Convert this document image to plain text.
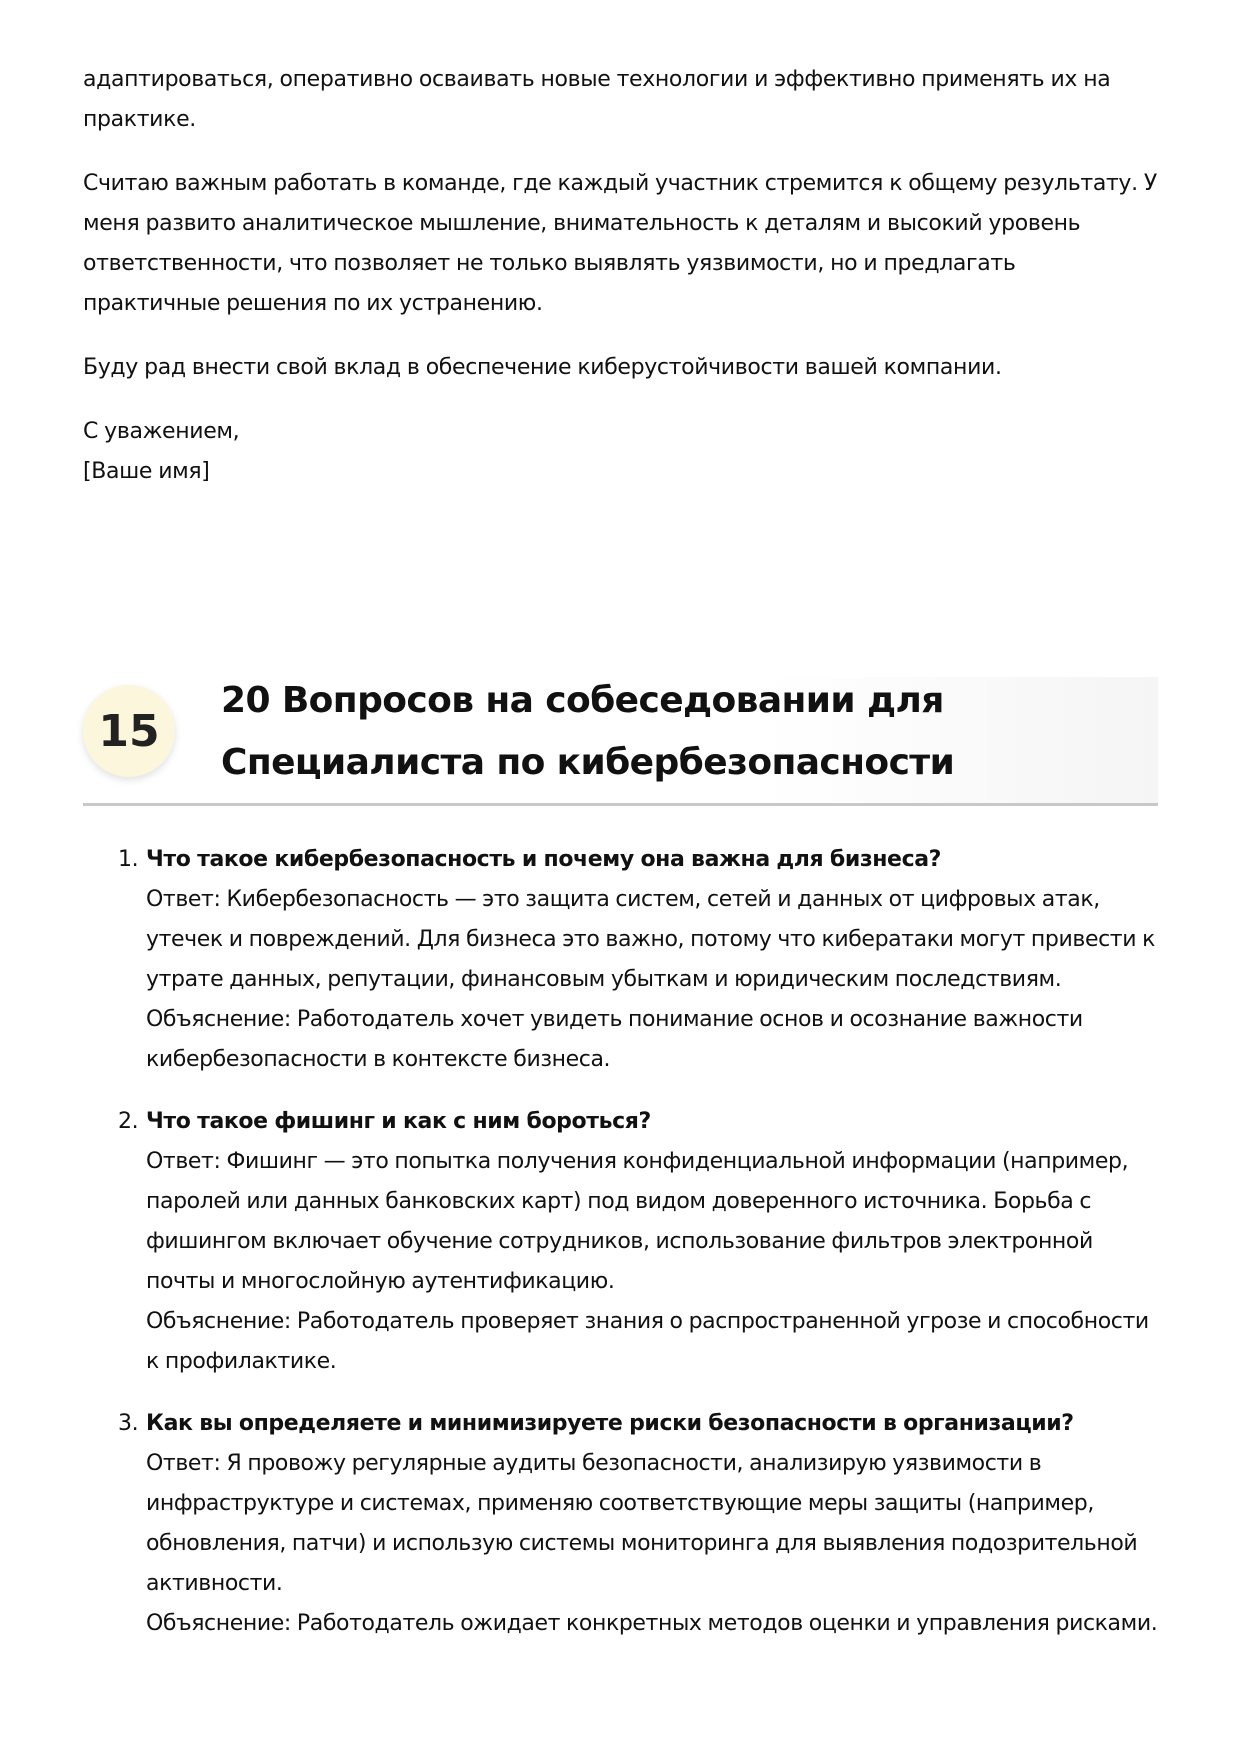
адаптироваться, оперативно осваивать новые технологии и эффективно применять их на практике.

Считаю важным работать в команде, где каждый участник стремится к общему результату. У меня развито аналитическое мышление, внимательность к деталям и высокий уровень ответственности, что позволяет не только выявлять уязвимости, но и предлагать практичные решения по их устранению.

Буду рад внести свой вклад в обеспечение киберустойчивости вашей компании.

С уважением,
[Ваше имя]

15
20 Вопросов на собеседовании для Специалиста по кибербезопасности
1. Что такое кибербезопасность и почему она важна для бизнеса?
Ответ: Кибербезопасность — это защита систем, сетей и данных от цифровых атак, утечек и повреждений. Для бизнеса это важно, потому что кибератаки могут привести к утрате данных, репутации, финансовым убыткам и юридическим последствиям.
Объяснение: Работодатель хочет увидеть понимание основ и осознание важности кибербезопасности в контексте бизнеса.
2. Что такое фишинг и как с ним бороться?
Ответ: Фишинг — это попытка получения конфиденциальной информации (например, паролей или данных банковских карт) под видом доверенного источника. Борьба с фишингом включает обучение сотрудников, использование фильтров электронной почты и многослойную аутентификацию.
Объяснение: Работодатель проверяет знания о распространенной угрозе и способности к профилактике.
3. Как вы определяете и минимизируете риски безопасности в организации?
Ответ: Я провожу регулярные аудиты безопасности, анализирую уязвимости в инфраструктуре и системах, применяю соответствующие меры защиты (например, обновления, патчи) и использую системы мониторинга для выявления подозрительной активности.
Объяснение: Работодатель ожидает конкретных методов оценки и управления рисками.
